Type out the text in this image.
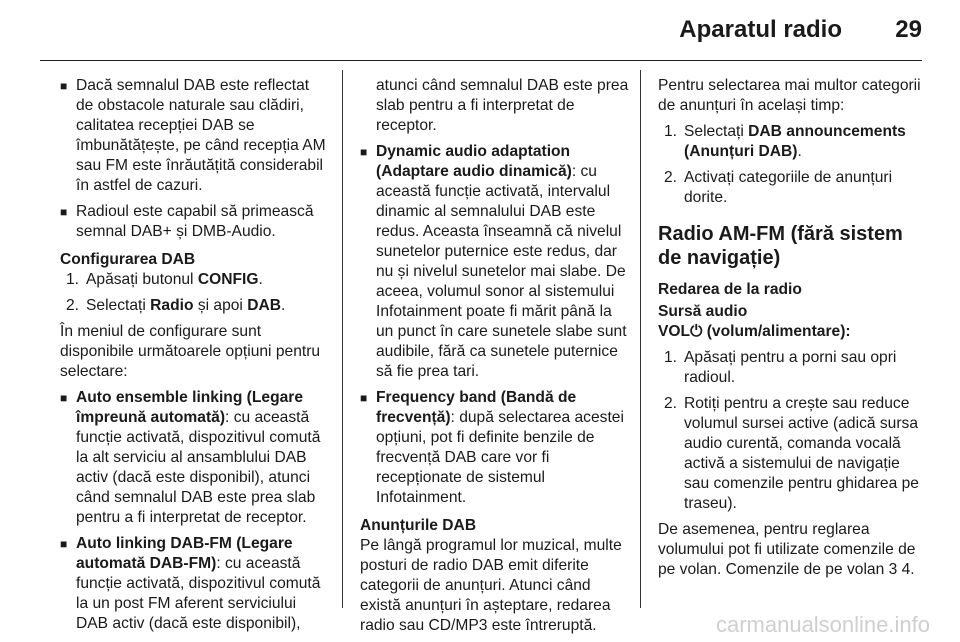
Aparatul radio 29

■ Dacă semnalul DAB este reflectat de obstacole naturale sau clădiri, calitatea recepției DAB se îmbunătățește, pe când recepția AM sau FM este înrăutățită considerabil în astfel de cazuri.

■ Radioul este capabil să primească semnal DAB+ și DMB-Audio.

Configurarea DAB

1. Apăsați butonul CONFIG.

2. Selectați Radio și apoi DAB.

În meniul de configurare sunt disponibile următoarele opțiuni pentru selectare:

■ Auto ensemble linking (Legare împreună automată): cu această funcție activată, dispozitivul comută la alt serviciu al ansamblului DAB activ (dacă este disponibil), atunci când semnalul DAB este prea slab pentru a fi interpretat de receptor.

■ Auto linking DAB-FM (Legare automată DAB-FM): cu această funcție activată, dispozitivul comută la un post FM aferent serviciului DAB activ (dacă este disponibil),

atunci când semnalul DAB este prea slab pentru a fi interpretat de receptor.

■ Dynamic audio adaptation (Adaptare audio dinamică): cu această funcție activată, intervalul dinamic al semnalului DAB este redus. Aceasta înseamnă că nivelul sunetelor puternice este redus, dar nu și nivelul sunetelor mai slabe. De aceea, volumul sonor al sistemului Infotainment poate fi mărit până la un punct în care sunetele slabe sunt audibile, fără ca sunetele puternice să fie prea tari.

■ Frequency band (Bandă de frecvență): după selectarea acestei opțiuni, pot fi definite benzile de frecvență DAB care vor fi recepționate de sistemul Infotainment.

Anunțurile DAB

Pe lângă programul lor muzical, multe posturi de radio DAB emit diferite categorii de anunțuri. Atunci când există anunțuri în așteptare, redarea radio sau CD/MP3 este întreruptă.

Pentru selectarea mai multor categorii de anunțuri în același timp:

1. Selectați DAB announcements (Anunțuri DAB).

2. Activați categoriile de anunțuri dorite.

Radio AM-FM (fără sistem de navigație)

Redarea de la radio

Sursă audio

VOL⏻ (volum/alimentare):

1. Apăsați pentru a porni sau opri radioul.

2. Rotiți pentru a crește sau reduce volumul sursei active (adică sursa audio curentă, comanda vocală activă a sistemului de navigație sau comenzile pentru ghidarea pe traseu).

De asemenea, pentru reglarea volumului pot fi utilizate comenzile de pe volan. Comenzile de pe volan 3 4.

carmanualsonline.info
